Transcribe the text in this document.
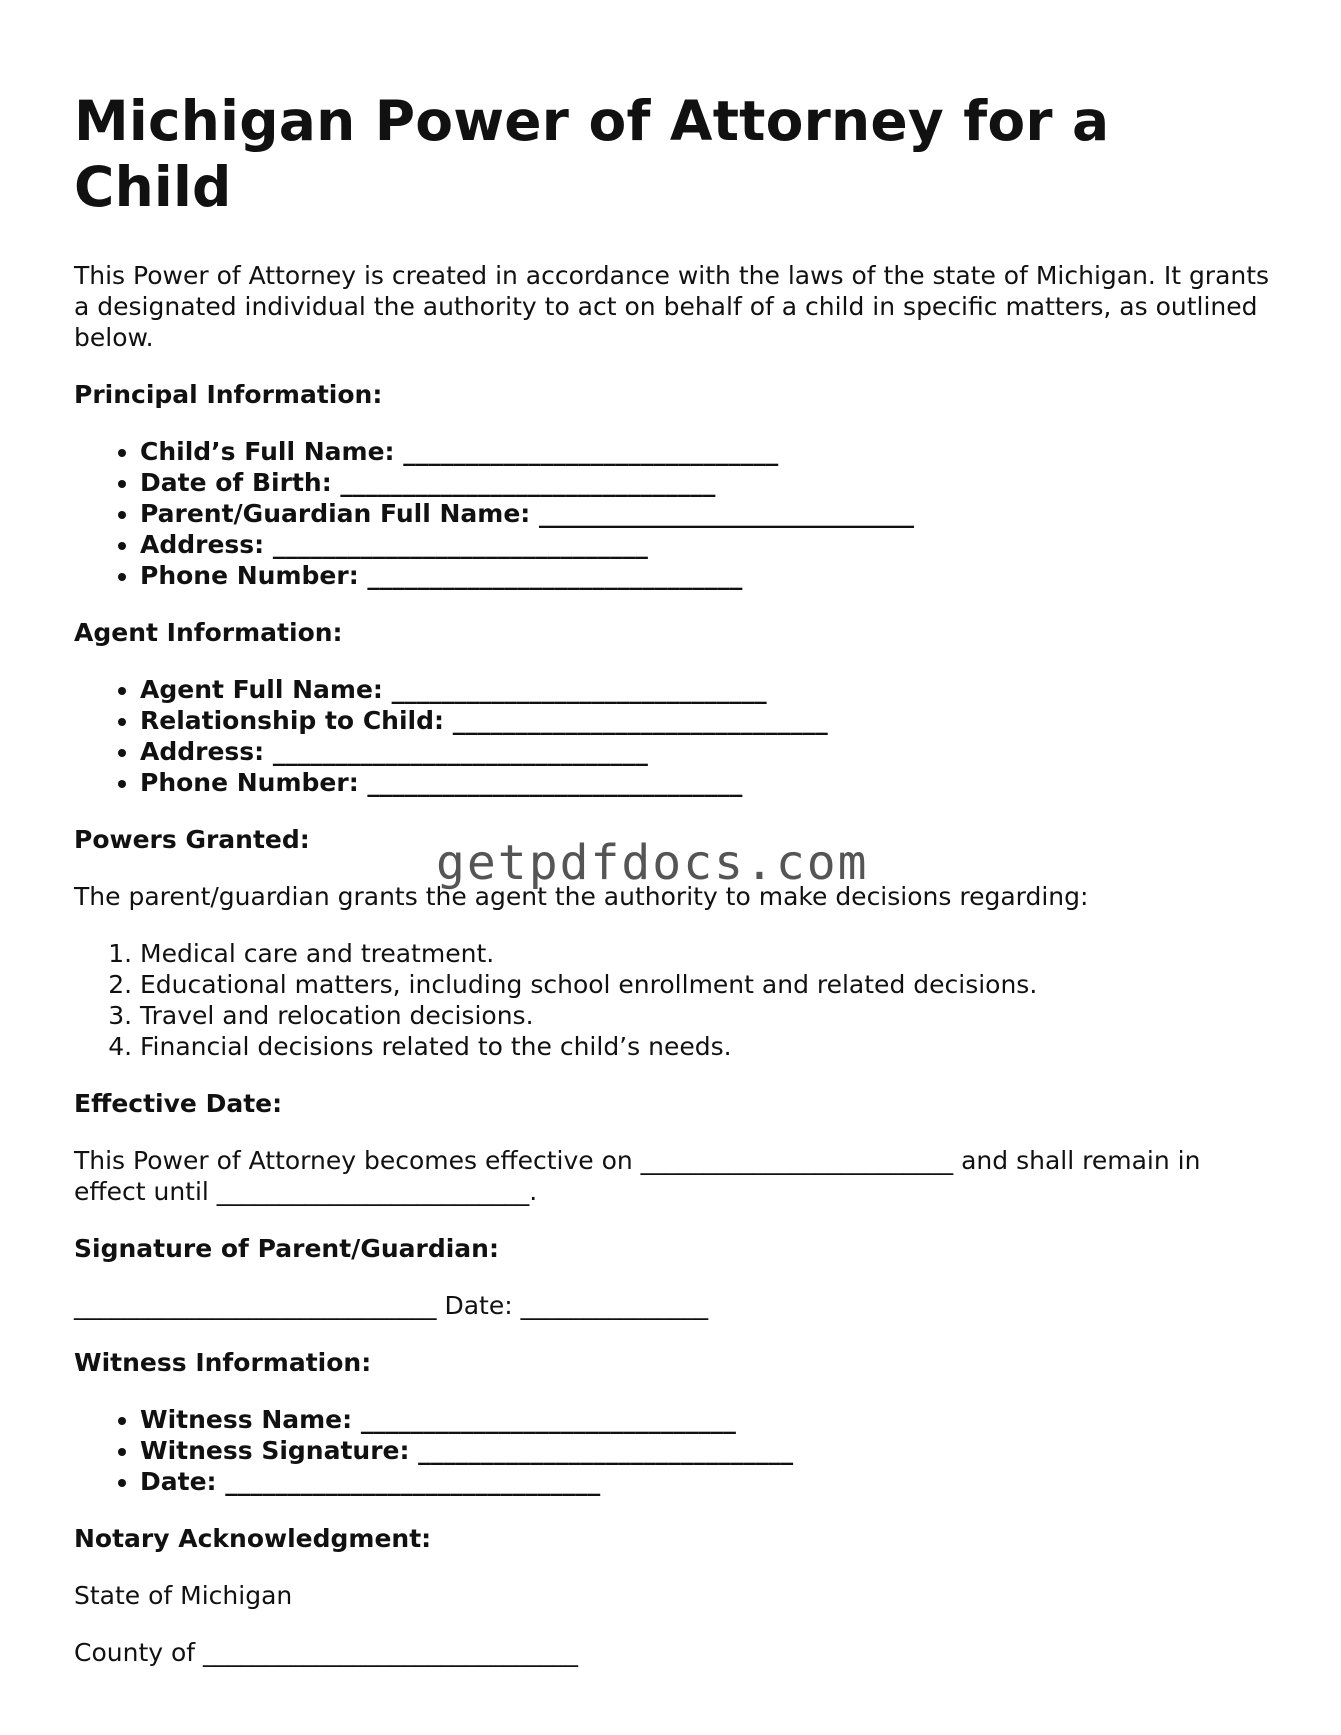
Michigan Power of Attorney for a Child

This Power of Attorney is created in accordance with the laws of the state of Michigan. It grants a designated individual the authority to act on behalf of a child in specific matters, as outlined below.

Principal Information:
• Child’s Full Name: ______________________________
• Date of Birth: ______________________________
• Parent/Guardian Full Name: ______________________________
• Address: ______________________________
• Phone Number: ______________________________
Agent Information:
• Agent Full Name: ______________________________
• Relationship to Child: ______________________________
• Address: ______________________________
• Phone Number: ______________________________
Powers Granted:

The parent/guardian grants the agent the authority to make decisions regarding:

1. Medical care and treatment.
2. Educational matters, including school enrollment and related decisions.
3. Travel and relocation decisions.
4. Financial decisions related to the child’s needs.
Effective Date:

This Power of Attorney becomes effective on _________________________ and shall remain in effect until _________________________.

Signature of Parent/Guardian:

_____________________________ Date: _______________

Witness Information:
• Witness Name: ______________________________
• Witness Signature: ______________________________
• Date: ______________________________
Notary Acknowledgment:

State of Michigan

County of ______________________________

getpdfdocs.com
